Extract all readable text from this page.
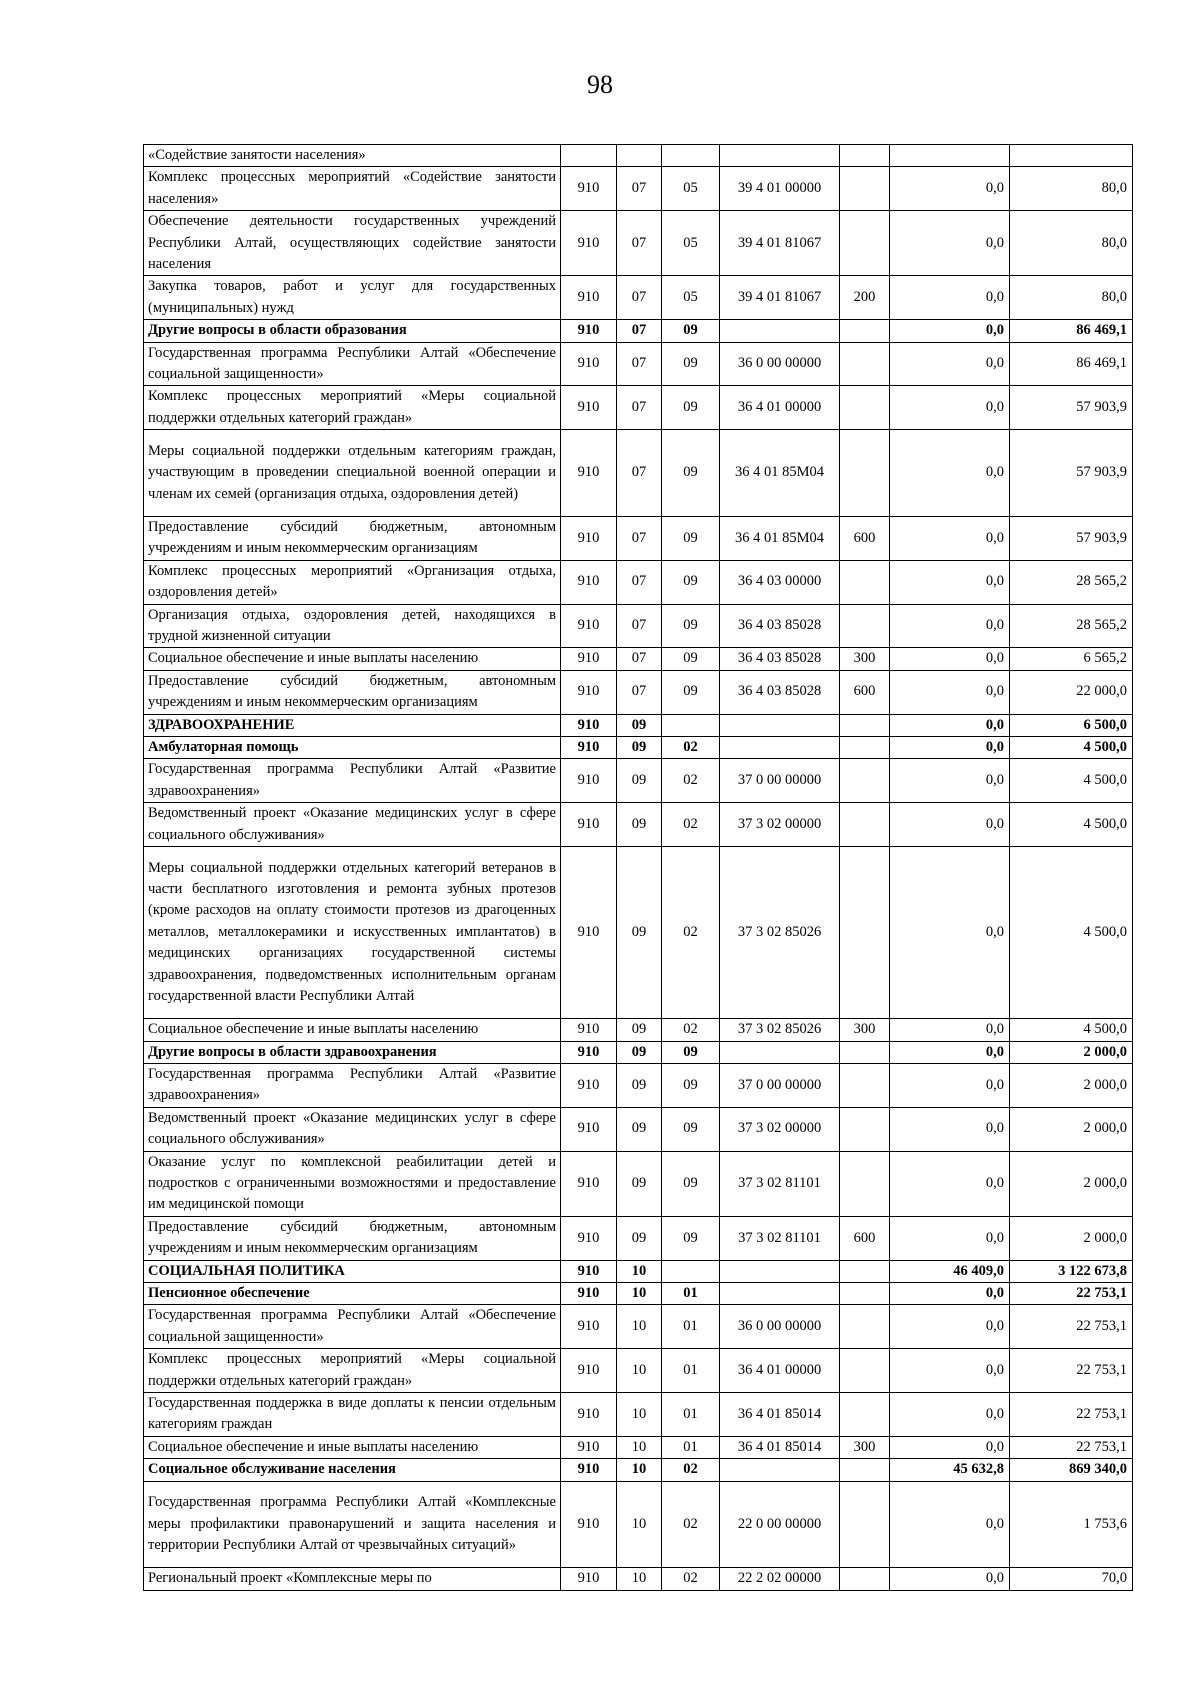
98
«Содействие занятости населения»							
Комплекс процессных мероприятий «Содействие занятости населения»	910	07	05	39 4 01 00000		0,0	80,0
Обеспечение деятельности государственных учреждений Республики Алтай, осуществляющих содействие занятости населения	910	07	05	39 4 01 81067		0,0	80,0
Закупка товаров, работ и услуг для государственных (муниципальных) нужд	910	07	05	39 4 01 81067	200	0,0	80,0
Другие вопросы в области образования	910	07	09			0,0	86 469,1
Государственная программа Республики Алтай «Обеспечение социальной защищенности»	910	07	09	36 0 00 00000		0,0	86 469,1
Комплекс процессных мероприятий «Меры социальной поддержки отдельных категорий граждан»	910	07	09	36 4 01 00000		0,0	57 903,9
Меры социальной поддержки отдельным категориям граждан, участвующим в проведении специальной военной операции и членам их семей (организация отдыха, оздоровления детей)	910	07	09	36 4 01 85М04		0,0	57 903,9
Предоставление субсидий бюджетным, автономным учреждениям и иным некоммерческим организациям	910	07	09	36 4 01 85М04	600	0,0	57 903,9
Комплекс процессных мероприятий «Организация отдыха, оздоровления детей»	910	07	09	36 4 03 00000		0,0	28 565,2
Организация отдыха, оздоровления детей, находящихся в трудной жизненной ситуации	910	07	09	36 4 03 85028		0,0	28 565,2
Социальное обеспечение и иные выплаты населению	910	07	09	36 4 03 85028	300	0,0	6 565,2
Предоставление субсидий бюджетным, автономным учреждениям и иным некоммерческим организациям	910	07	09	36 4 03 85028	600	0,0	22 000,0
ЗДРАВООХРАНЕНИЕ	910	09				0,0	6 500,0
Амбулаторная помощь	910	09	02			0,0	4 500,0
Государственная программа Республики Алтай «Развитие здравоохранения»	910	09	02	37 0 00 00000		0,0	4 500,0
Ведомственный проект «Оказание медицинских услуг в сфере социального обслуживания»	910	09	02	37 3 02 00000		0,0	4 500,0
Меры социальной поддержки отдельных категорий ветеранов в части бесплатного изготовления и ремонта зубных протезов (кроме расходов на оплату стоимости протезов из драгоценных металлов, металлокерамики и искусственных имплантатов) в медицинских организациях государственной системы здравоохранения, подведомственных исполнительным органам государственной власти Республики Алтай	910	09	02	37 3 02 85026		0,0	4 500,0
Социальное обеспечение и иные выплаты населению	910	09	02	37 3 02 85026	300	0,0	4 500,0
Другие вопросы в области здравоохранения	910	09	09			0,0	2 000,0
Государственная программа Республики Алтай «Развитие здравоохранения»	910	09	09	37 0 00 00000		0,0	2 000,0
Ведомственный проект «Оказание медицинских услуг в сфере социального обслуживания»	910	09	09	37 3 02 00000		0,0	2 000,0
Оказание услуг по комплексной реабилитации детей и подростков с ограниченными возможностями и предоставление им медицинской помощи	910	09	09	37 3 02 81101		0,0	2 000,0
Предоставление субсидий бюджетным, автономным учреждениям и иным некоммерческим организациям	910	09	09	37 3 02 81101	600	0,0	2 000,0
СОЦИАЛЬНАЯ ПОЛИТИКА	910	10				46 409,0	3 122 673,8
Пенсионное обеспечение	910	10	01			0,0	22 753,1
Государственная программа Республики Алтай «Обеспечение социальной защищенности»	910	10	01	36 0 00 00000		0,0	22 753,1
Комплекс процессных мероприятий «Меры социальной поддержки отдельных категорий граждан»	910	10	01	36 4 01 00000		0,0	22 753,1
Государственная поддержка в виде доплаты к пенсии отдельным категориям граждан	910	10	01	36 4 01 85014		0,0	22 753,1
Социальное обеспечение и иные выплаты населению	910	10	01	36 4 01 85014	300	0,0	22 753,1
Социальное обслуживание населения	910	10	02			45 632,8	869 340,0
Государственная программа Республики Алтай «Комплексные меры профилактики правонарушений и защита населения и территории Республики Алтай от чрезвычайных ситуаций»	910	10	02	22 0 00 00000		0,0	1 753,6
Региональный проект «Комплексные меры по	910	10	02	22 2 02 00000		0,0	70,0
